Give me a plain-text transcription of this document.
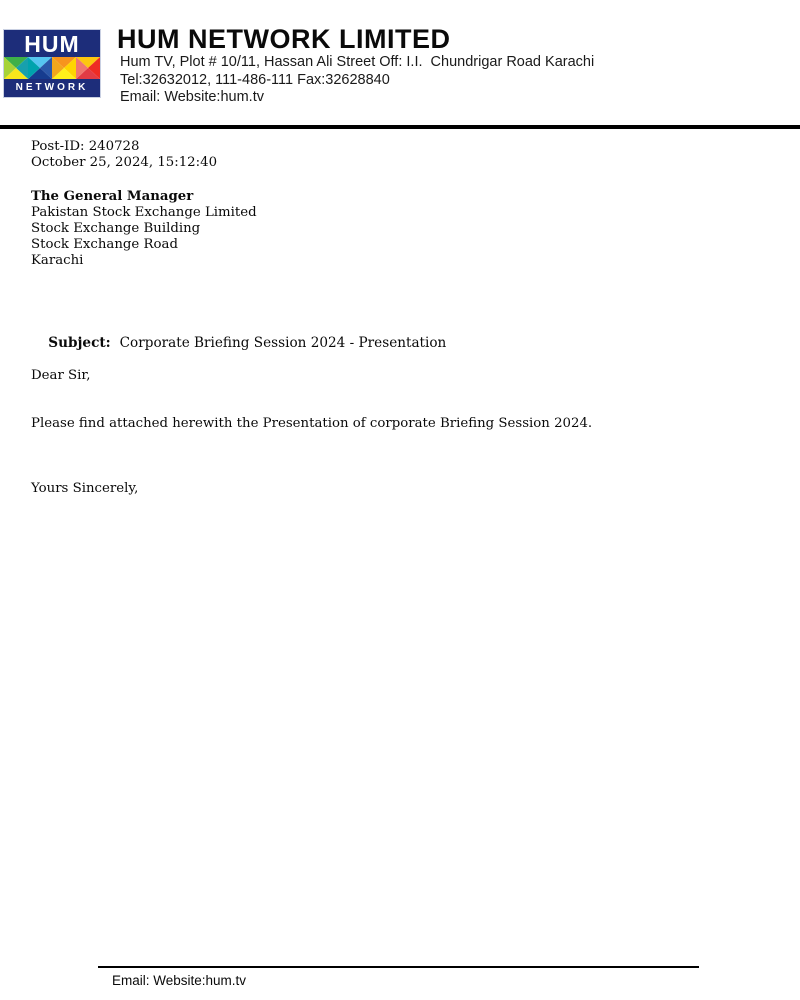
HUM
NETWORK
HUM NETWORK LIMITED
Hum TV, Plot # 10/11, Hassan Ali Street Off: I.I.  Chundrigar Road Karachi
Tel:32632012, 111-486-111 Fax:32628840
Email: Website:hum.tv
Post-ID: 240728
October 25, 2024, 15:12:40
The General Manager
Pakistan Stock Exchange Limited
Stock Exchange Building
Stock Exchange Road
Karachi

Subject: Corporate Briefing Session 2024 - Presentation

Dear Sir,
Please find attached herewith the Presentation of corporate Briefing Session 2024.
Yours Sincerely,
Email: Website:hum.tv
